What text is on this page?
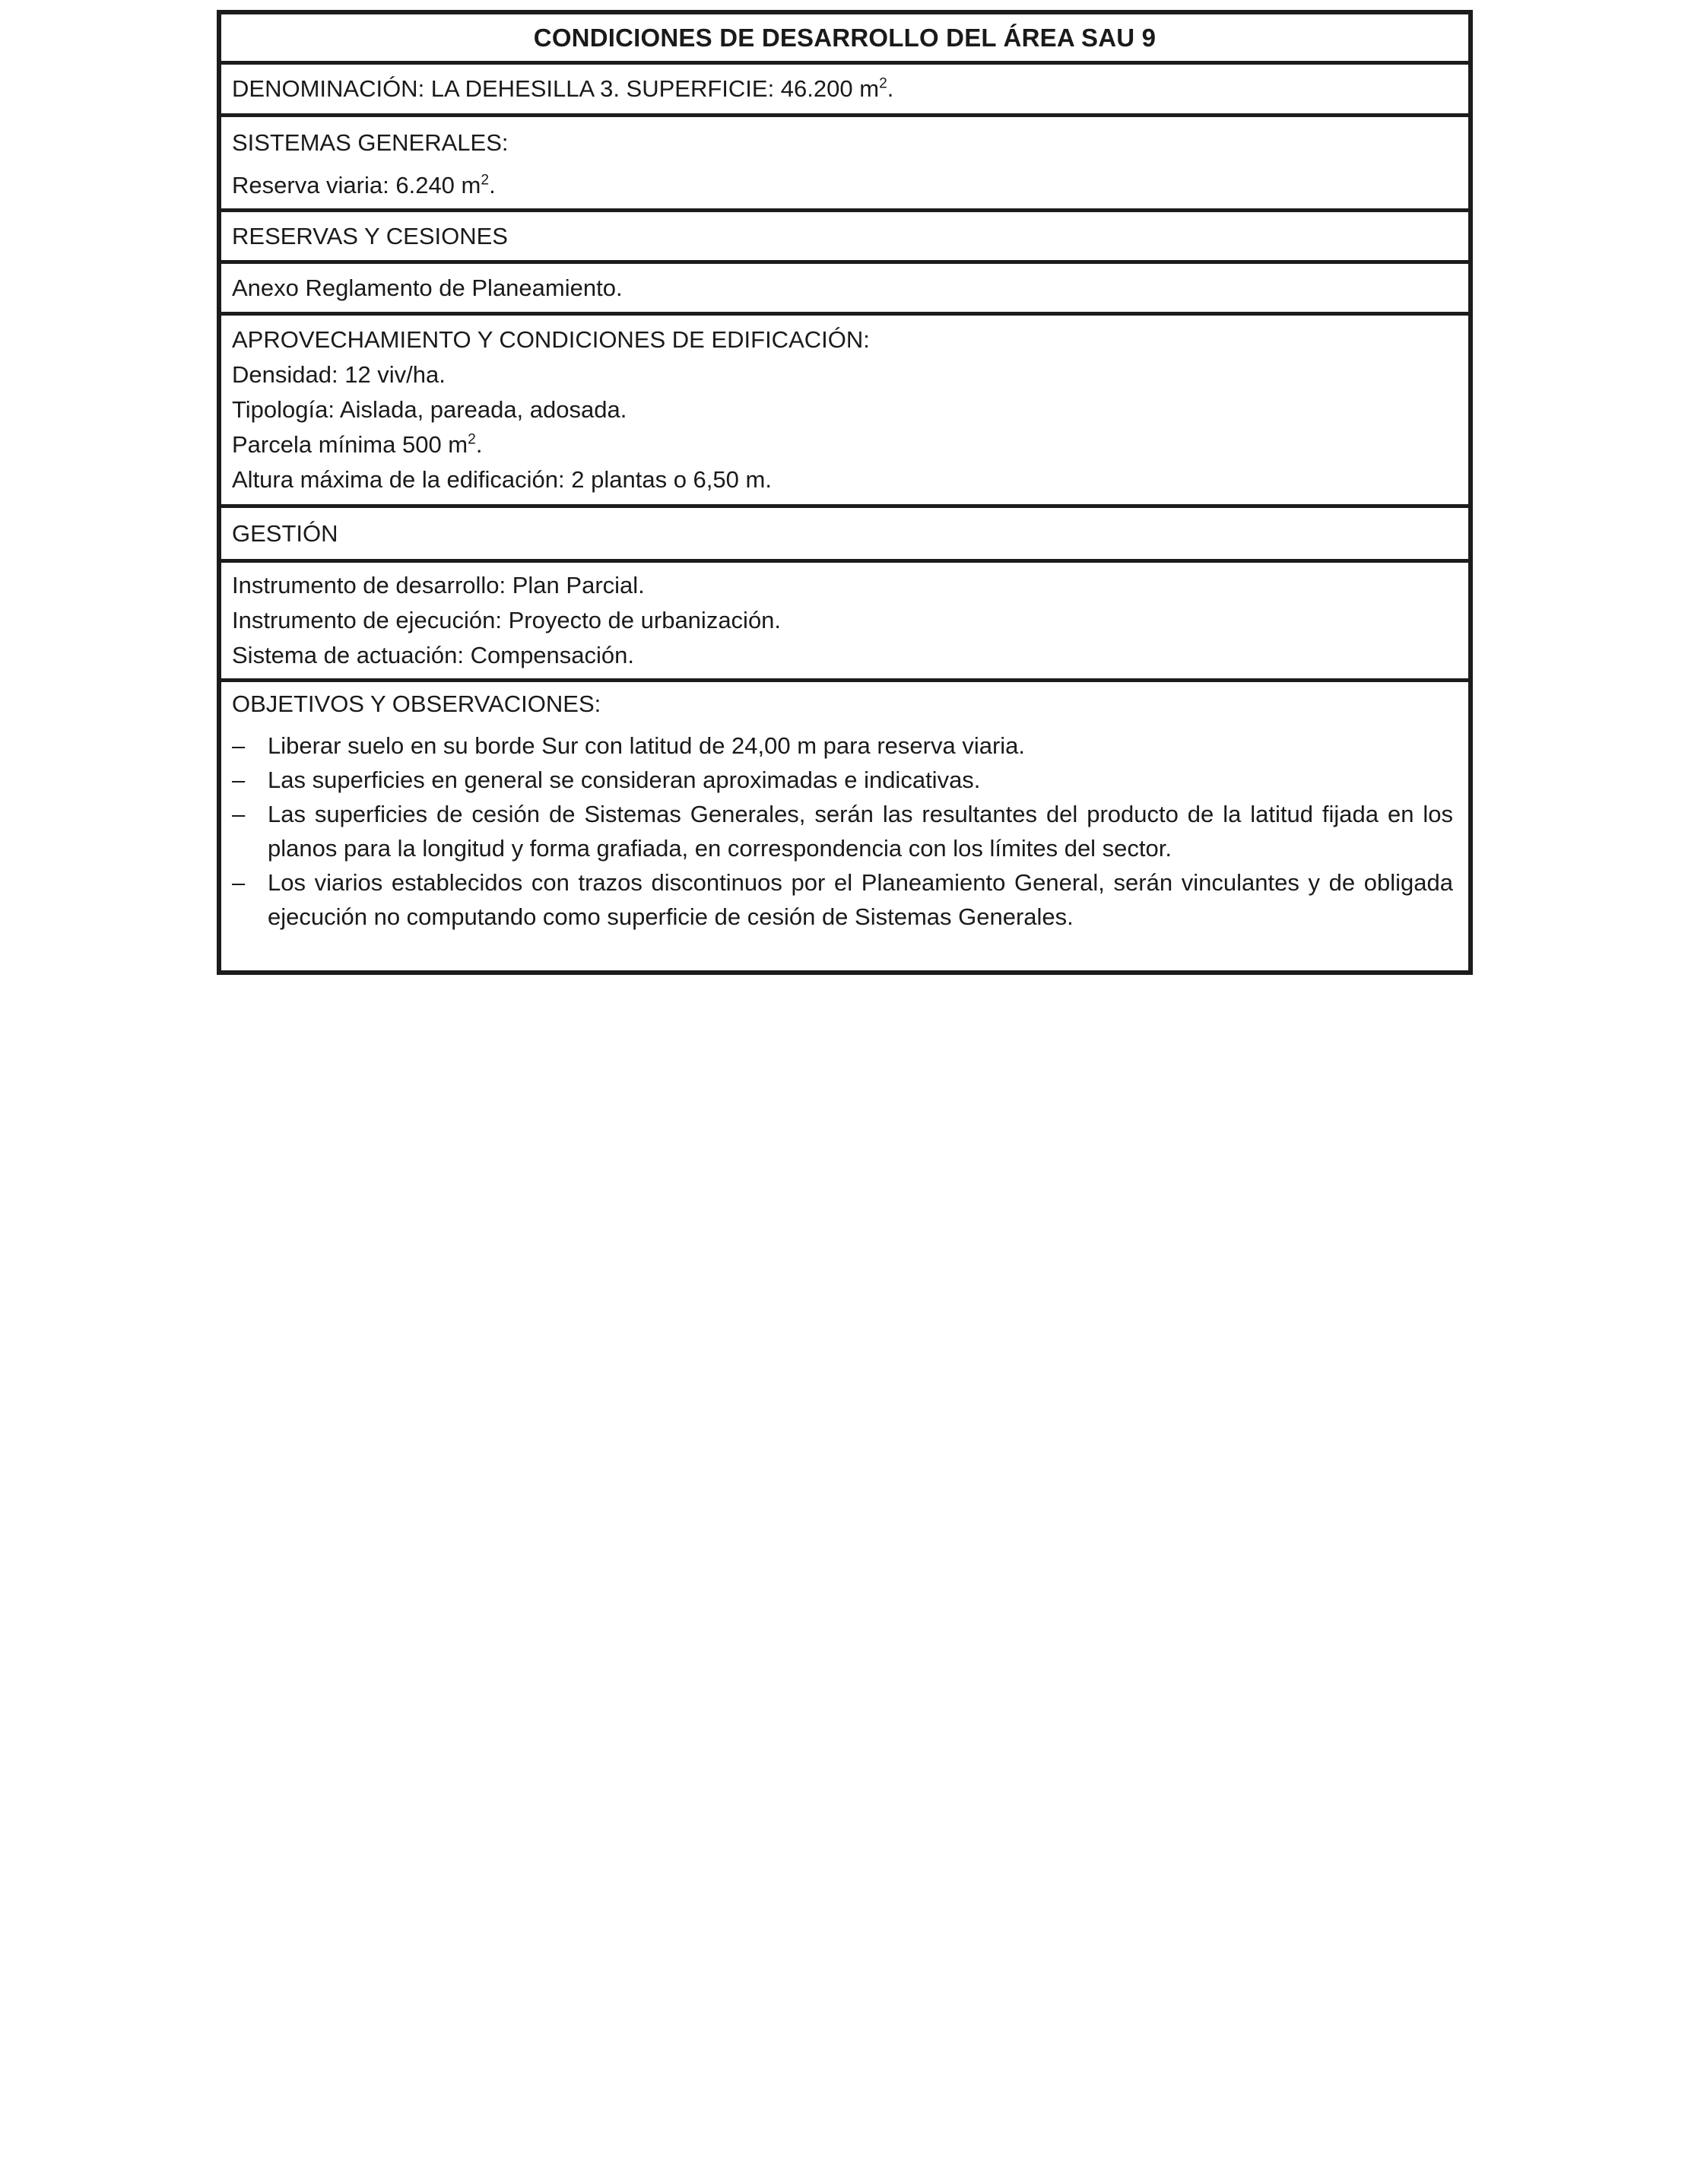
CONDICIONES DE DESARROLLO DEL ÁREA SAU 9
DENOMINACIÓN: LA DEHESILLA 3. SUPERFICIE: 46.200 $m^2$.
SISTEMAS GENERALES:
Reserva viaria: 6.240 $m^2$.
RESERVAS Y CESIONES
Anexo Reglamento de Planeamiento.
APROVECHAMIENTO Y CONDICIONES DE EDIFICACIÓN:
Densidad: 12 viv/ha.
Tipología: Aislada, pareada, adosada.
Parcela mínima 500 $m^2$.
Altura máxima de la edificación: 2 plantas o 6,50 m.
GESTIÓN
Instrumento de desarrollo: Plan Parcial.
Instrumento de ejecución: Proyecto de urbanización.
Sistema de actuación: Compensación.
OBJETIVOS Y OBSERVACIONES:
– Liberar suelo en su borde Sur con latitud de 24,00 m para reserva viaria.
– Las superficies en general se consideran aproximadas e indicativas.
– Las superficies de cesión de Sistemas Generales, serán las resultantes del producto de la latitud fijada en los planos para la longitud y forma grafiada, en correspondencia con los límites del sector.
– Los viarios establecidos con trazos discontinuos por el Planeamiento General, serán vinculantes y de obligada ejecución no computando como superficie de cesión de Sistemas Generales.
